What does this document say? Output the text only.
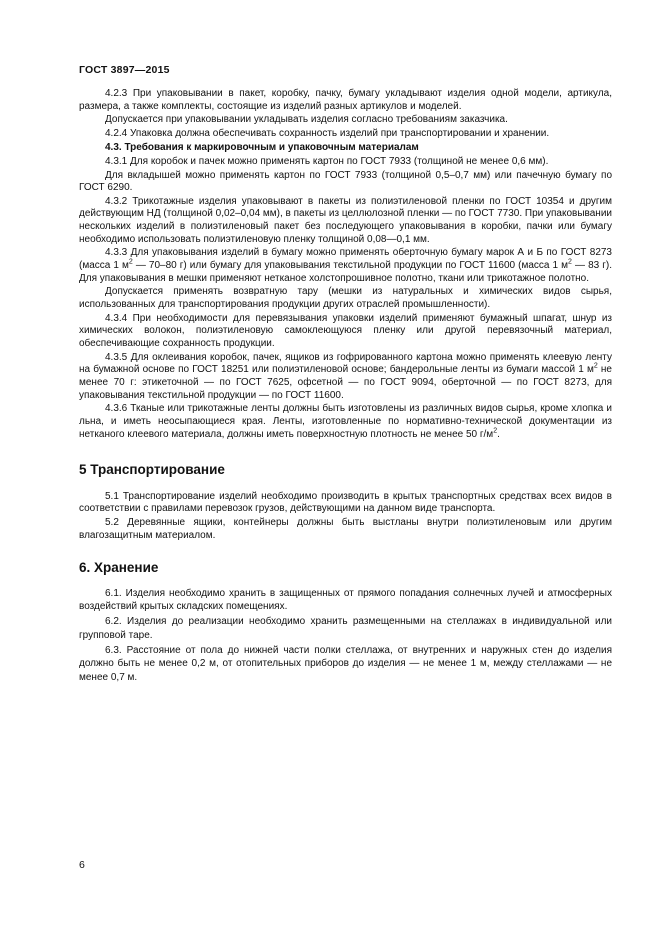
ГОСТ 3897—2015

4.2.3 При упаковывании в пакет, коробку, пачку, бумагу укладывают изделия одной модели, артикула, размера, а также комплекты, состоящие из изделий разных артикулов и моделей.

Допускается при упаковывании укладывать изделия согласно требованиям заказчика.

4.2.4 Упаковка должна обеспечивать сохранность изделий при транспортировании и хранении.

4.3. Требования к маркировочным и упаковочным материалам

4.3.1 Для коробок и пачек можно применять картон по ГОСТ 7933 (толщиной не менее 0,6 мм).

Для вкладышей можно применять картон по ГОСТ 7933 (толщиной 0,5–0,7 мм) или пачечную бумагу по ГОСТ 6290.

4.3.2 Трикотажные изделия упаковывают в пакеты из полиэтиленовой пленки по ГОСТ 10354 и другим действующим НД (толщиной 0,02–0,04 мм), в пакеты из целлюлозной пленки — по ГОСТ 7730. При упаковывании нескольких изделий в полиэтиленовый пакет без последующего упаковывания в коробки, пачки или бумагу необходимо использовать полиэтиленовую пленку толщиной 0,08—0,1 мм.

4.3.3 Для упаковывания изделий в бумагу можно применять оберточную бумагу марок А и Б по ГОСТ 8273 (масса 1 $м^2$ — 70–80 г) или бумагу для упаковывания текстильной продукции по ГОСТ 11600 (масса 1 $м^2$ — 83 г). Для упаковывания в мешки применяют нетканое холстопрошивное полотно, ткани или трикотажное полотно.

Допускается применять возвратную тару (мешки из натуральных и химических видов сырья, использованных для транспортирования продукции других отраслей промышленности).

4.3.4 При необходимости для перевязывания упаковки изделий применяют бумажный шпагат, шнур из химических волокон, полиэтиленовую самоклеющуюся пленку или другой перевязочный материал, обеспечивающие сохранность продукции.

4.3.5 Для оклеивания коробок, пачек, ящиков из гофрированного картона можно применять клеевую ленту на бумажной основе по ГОСТ 18251 или полиэтиленовой основе; бандерольные ленты из бумаги массой 1 $м^2$ не менее 70 г: этикеточной — по ГОСТ 7625, офсетной — по ГОСТ 9094, оберточной — по ГОСТ 8273, для упаковывания текстильной продукции — по ГОСТ 11600.

4.3.6 Тканые или трикотажные ленты должны быть изготовлены из различных видов сырья, кроме хлопка и льна, и иметь неосыпающиеся края. Ленты, изготовленные по нормативно-технической документации из нетканого клеевого материала, должны иметь поверхностную плотность не менее 50 $г/м^2$.

5 Транспортирование

5.1 Транспортирование изделий необходимо производить в крытых транспортных средствах всех видов в соответствии с правилами перевозок грузов, действующими на данном виде транспорта.

5.2 Деревянные ящики, контейнеры должны быть выстланы внутри полиэтиленовым или другим влагозащитным материалом.

6. Хранение

6.1. Изделия необходимо хранить в защищенных от прямого попадания солнечных лучей и атмосферных воздействий крытых складских помещениях.

6.2. Изделия до реализации необходимо хранить размещенными на стеллажах в индивидуальной или групповой таре.

6.3. Расстояние от пола до нижней части полки стеллажа, от внутренних и наружных стен до изделия должно быть не менее 0,2 м, от отопительных приборов до изделия — не менее 1 м, между стеллажами — не менее 0,7 м.

6
